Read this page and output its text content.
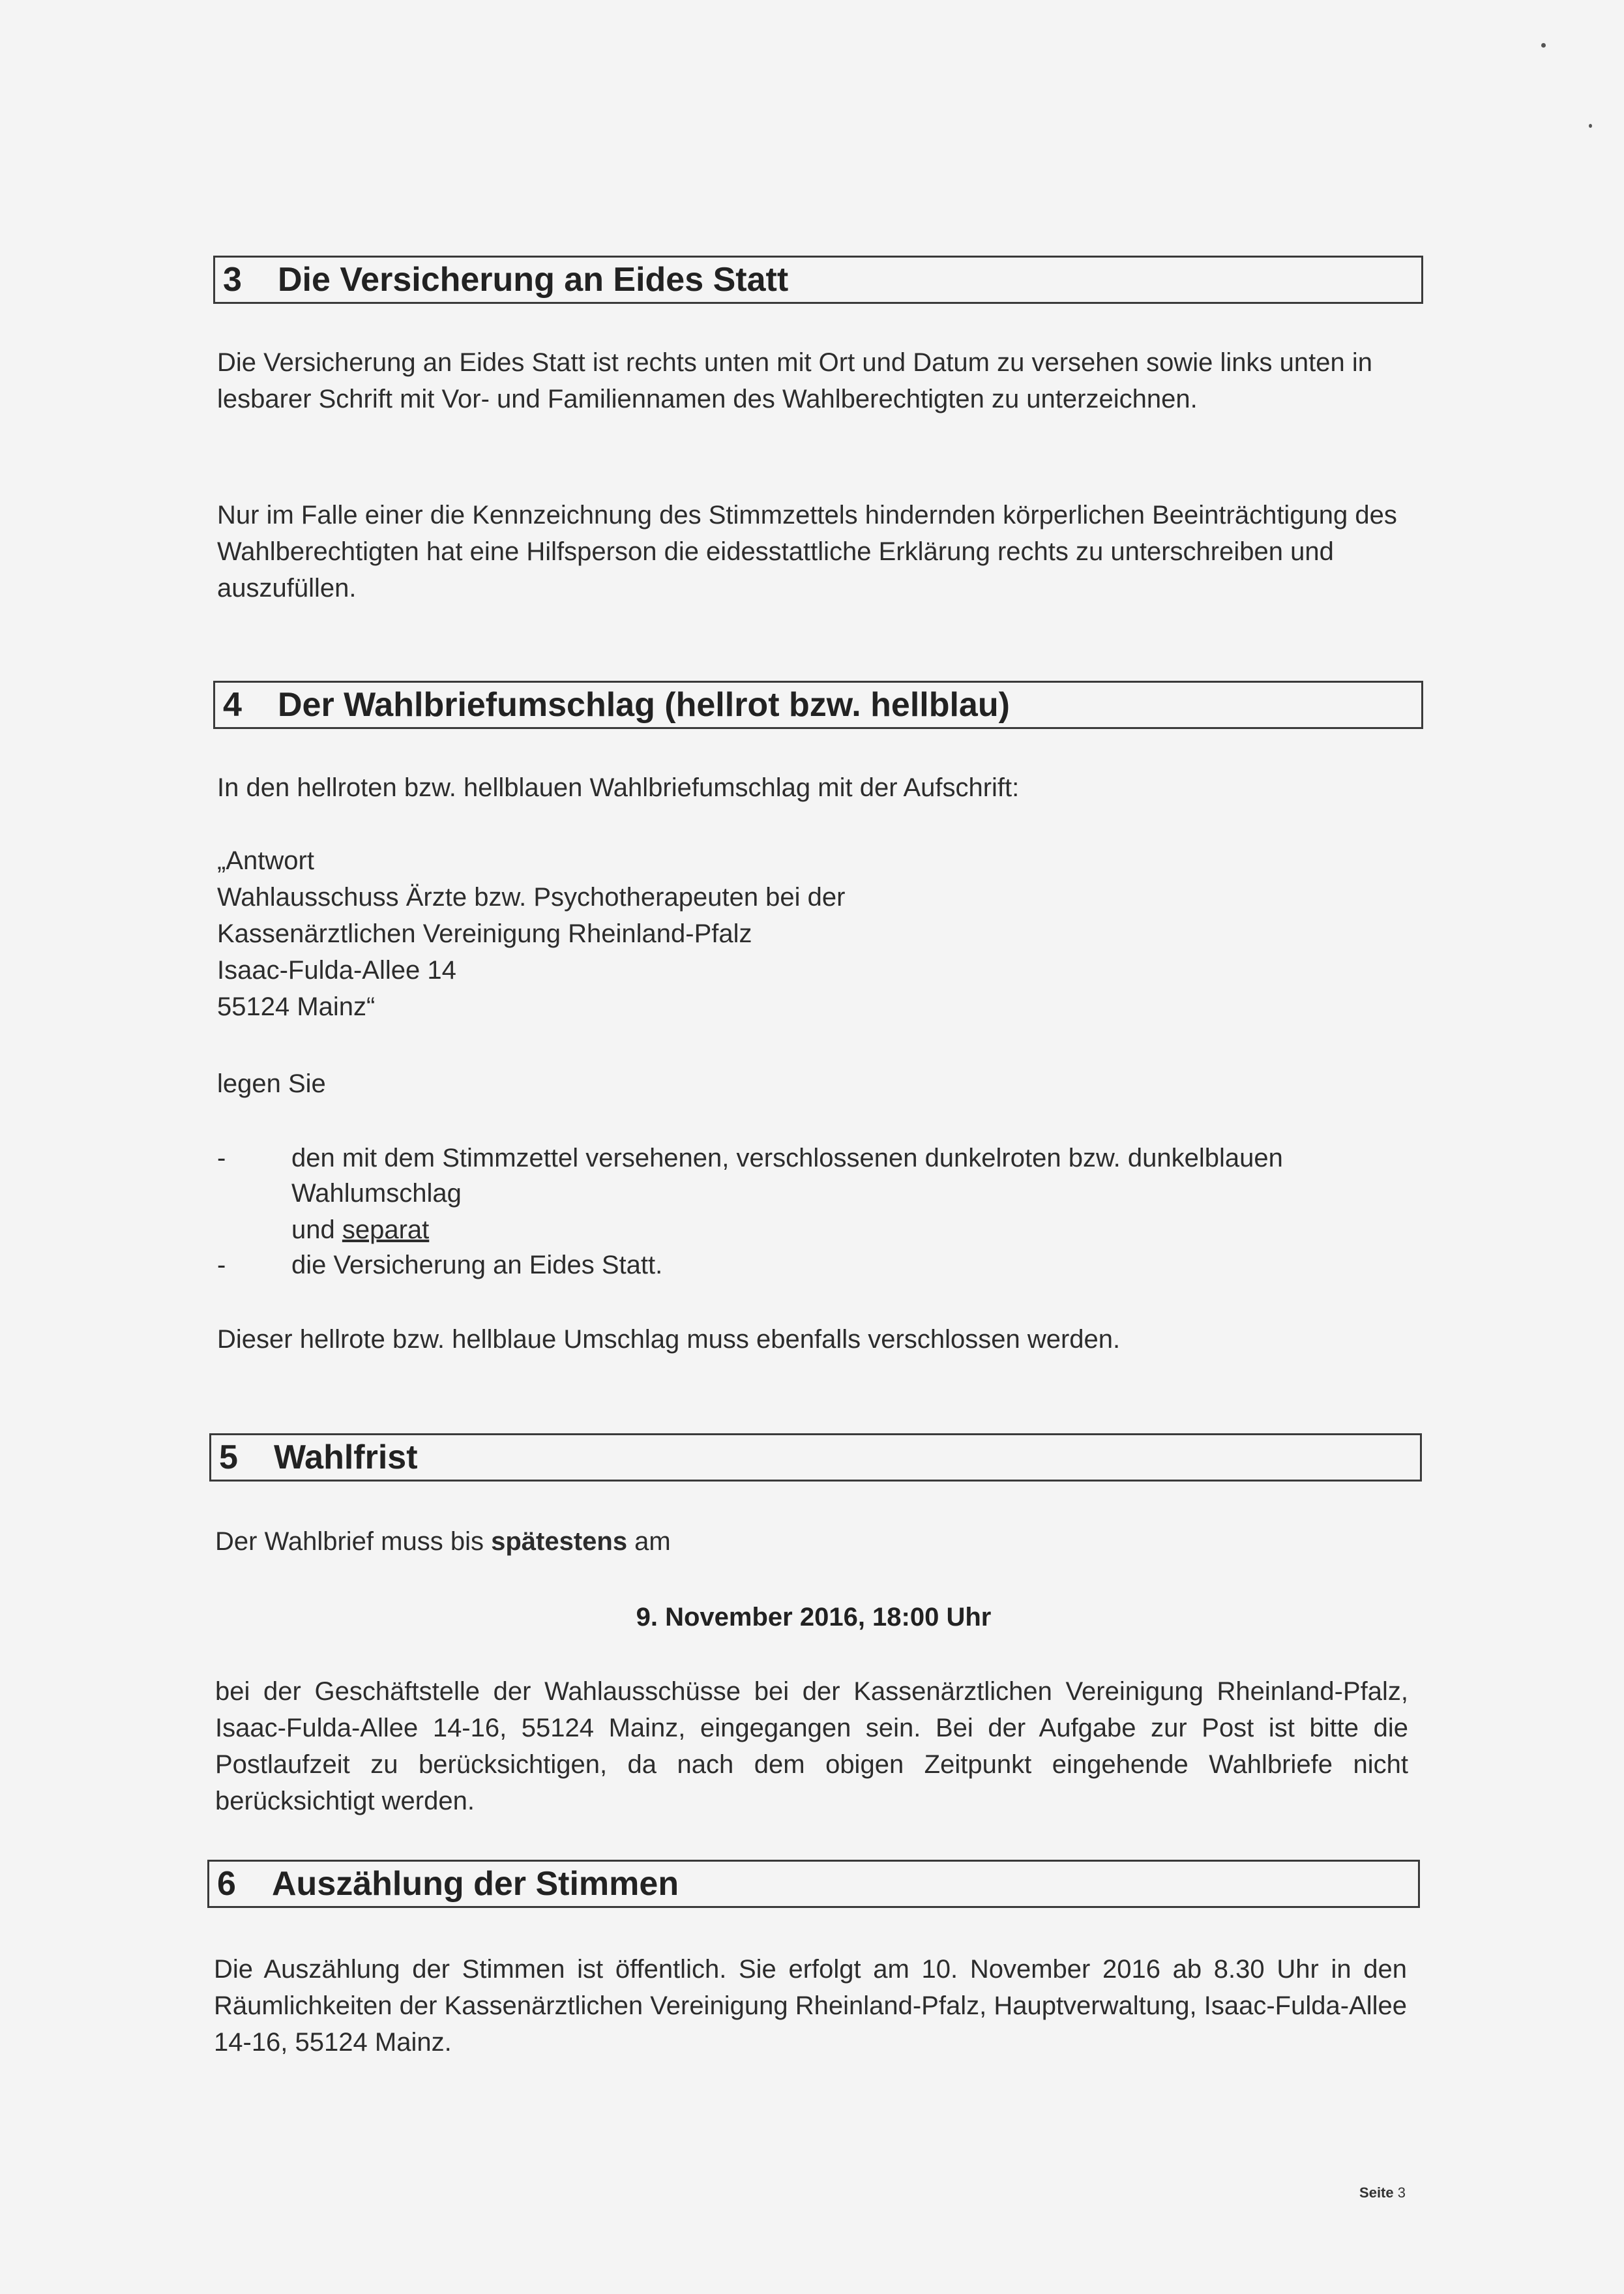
3	Die Versicherung an Eides Statt

Die Versicherung an Eides Statt ist rechts unten mit Ort und Datum zu versehen sowie links unten in lesbarer Schrift mit Vor- und Familiennamen des Wahlberechtigten zu unterzeichnen.

Nur im Falle einer die Kennzeichnung des Stimmzettels hindernden körperlichen Beeinträchtigung des Wahlberechtigten hat eine Hilfsperson die eidesstattliche Erklärung rechts zu unterschreiben und auszufüllen.

4	Der Wahlbriefumschlag (hellrot bzw. hellblau)
In den hellroten bzw. hellblauen Wahlbriefumschlag mit der Aufschrift:
„Antwort
Wahlausschuss Ärzte bzw. Psychotherapeuten bei der
Kassenärztlichen Vereinigung Rheinland-Pfalz
Isaac-Fulda-Allee 14
55124 Mainz“
legen Sie
-	den mit dem Stimmzettel versehenen, verschlossenen dunkelroten bzw. dunkelblauen
Wahlumschlag
und separat
-	die Versicherung an Eides Statt.
Dieser hellrote bzw. hellblaue Umschlag muss ebenfalls verschlossen werden.
5	Wahlfrist
Der Wahlbrief muss bis spätestens am
9. November 2016, 18:00 Uhr

bei der Geschäftstelle der Wahlausschüsse bei der Kassenärztlichen Vereinigung Rheinland-Pfalz, Isaac-Fulda-Allee 14-16, 55124 Mainz, eingegangen sein. Bei der Aufgabe zur Post ist bitte die Postlaufzeit zu berücksichtigen, da nach dem obigen Zeitpunkt eingehende Wahlbriefe nicht berücksichtigt werden.

6	Auszählung der Stimmen

Die Auszählung der Stimmen ist öffentlich. Sie erfolgt am 10. November 2016 ab 8.30 Uhr in den Räumlichkeiten der Kassenärztlichen Vereinigung Rheinland-Pfalz, Hauptverwaltung, Isaac-Fulda-Allee 14-16, 55124 Mainz.

Seite 3
